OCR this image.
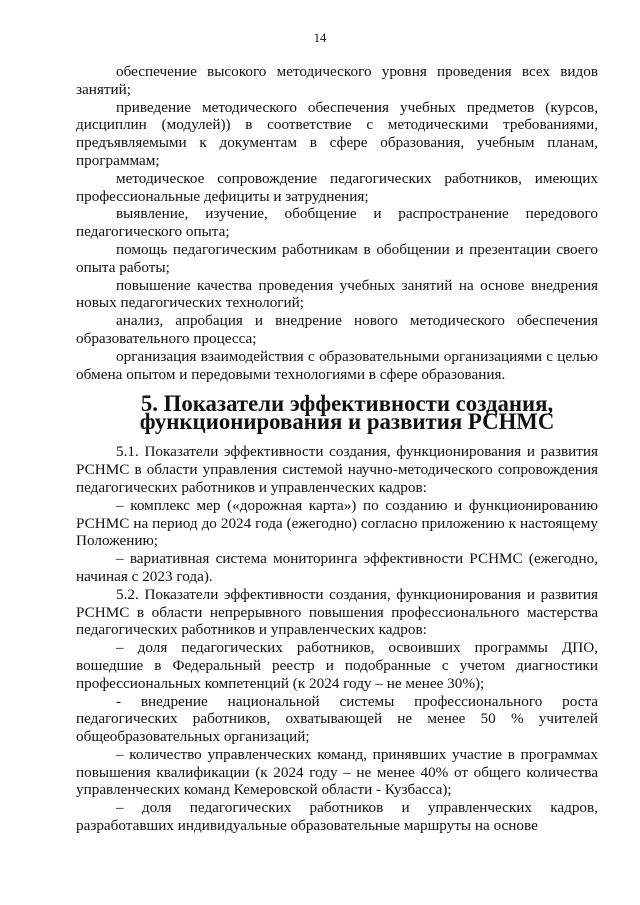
14

обеспечение высокого методического уровня проведения всех видов занятий;

приведение методического обеспечения учебных предметов (курсов, дисциплин (модулей)) в соответствие с методическими требованиями, предъявляемыми к документам в сфере образования, учебным планам, программам;

методическое сопровождение педагогических работников, имеющих профессиональные дефициты и затруднения;

выявление, изучение, обобщение и распространение передового педагогического опыта;

помощь педагогическим работникам в обобщении и презентации своего опыта работы;

повышение качества проведения учебных занятий на основе внедрения новых педагогических технологий;

анализ, апробация и внедрение нового методического обеспечения образовательного процесса;

организация взаимодействия с образовательными организациями с целью обмена опытом и передовыми технологиями в сфере образования.

5. Показатели эффективности создания, функционирования и развития РСНМС

5.1. Показатели эффективности создания, функционирования и развития РСНМС в области управления системой научно-методического сопровождения педагогических работников и управленческих кадров:

– комплекс мер («дорожная карта») по созданию и функционированию РСНМС на период до 2024 года (ежегодно) согласно приложению к настоящему Положению;

– вариативная система мониторинга эффективности РСНМС (ежегодно, начиная с 2023 года).

5.2. Показатели эффективности создания, функционирования и развития РСНМС в области непрерывного повышения профессионального мастерства педагогических работников и управленческих кадров:

– доля педагогических работников, освоивших программы ДПО, вошедшие в Федеральный реестр и подобранные с учетом диагностики профессиональных компетенций (к 2024 году – не менее 30%);

- внедрение национальной системы профессионального роста педагогических работников, охватывающей не менее 50 % учителей общеобразовательных организаций;

– количество управленческих команд, принявших участие в программах повышения квалификации (к 2024 году – не менее 40% от общего количества управленческих команд Кемеровской области - Кузбасса);

– доля педагогических работников и управленческих кадров, разработавших индивидуальные образовательные маршруты на основе
